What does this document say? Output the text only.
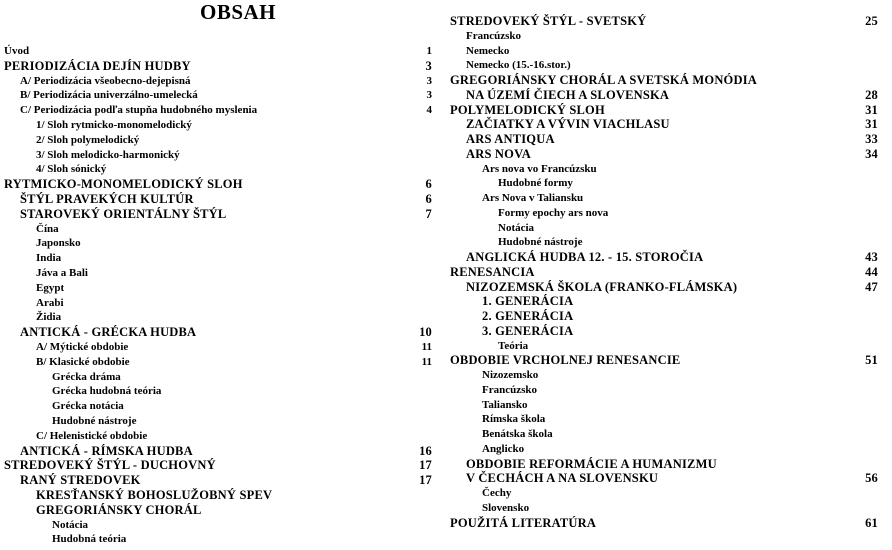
OBSAH
Úvod	1
PERIODIZÁCIA DEJÍN HUDBY	3
A/ Periodizácia všeobecno-dejepisná	3
B/ Periodizácia univerzálno-umelecká	3
C/ Periodizácia podľa stupňa hudobného myslenia	4
1/ Sloh rytmicko-monomelodický
2/ Sloh polymelodický
3/ Sloh melodicko-harmonický
4/ Sloh sónický
RYTMICKO-MONOMELODICKÝ SLOH	6
ŠTÝL PRAVEKÝCH KULTÚR	6
STAROVEKÝ ORIENTÁLNY ŠTÝL	7
Čína
Japonsko
India
Jáva a Bali
Egypt
Arabi
Židia
ANTICKÁ - GRÉCKA HUDBA	10
A/ Mýtické obdobie	11
B/ Klasické obdobie	11
Grécka dráma
Grécka hudobná teória
Grécka notácia
Hudobné nástroje
C/ Helenistické obdobie
ANTICKÁ - RÍMSKA HUDBA	16
STREDOVEKÝ ŠTÝL - DUCHOVNÝ	17
RANÝ STREDOVEK	17
KRESŤANSKÝ BOHOSLUŽOBNÝ SPEV
GREGORIÁNSKY CHORÁL
Notácia
Hudobná teória
STREDOVEKÝ ŠTÝL - SVETSKÝ	25
Francúzsko
Nemecko
Nemecko (15.-16.stor.)
GREGORIÁNSKY CHORÁL A SVETSKÁ MONÓDIA
NA ÚZEMÍ ČIECH A SLOVENSKA	28
POLYMELODICKÝ SLOH	31
ZAČIATKY A VÝVIN VIACHLASU	31
ARS ANTIQUA	33
ARS NOVA	34
Ars nova vo Francúzsku
Hudobné formy
Ars Nova v Taliansku
Formy epochy ars nova
Notácia
Hudobné nástroje
ANGLICKÁ HUDBA 12. - 15. STOROČIA	43
RENESANCIA	44
NIZOZEMSKÁ ŠKOLA (FRANKO-FLÁMSKA)	47
1. GENERÁCIA
2. GENERÁCIA
3. GENERÁCIA
Teória
OBDOBIE VRCHOLNEJ RENESANCIE	51
Nizozemsko
Francúzsko
Taliansko
Rímska škola
Benátska škola
Anglicko
OBDOBIE REFORMÁCIE A HUMANIZMU
V ČECHÁCH A NA SLOVENSKU	56
Čechy
Slovensko
POUŽITÁ LITERATÚRA	61
